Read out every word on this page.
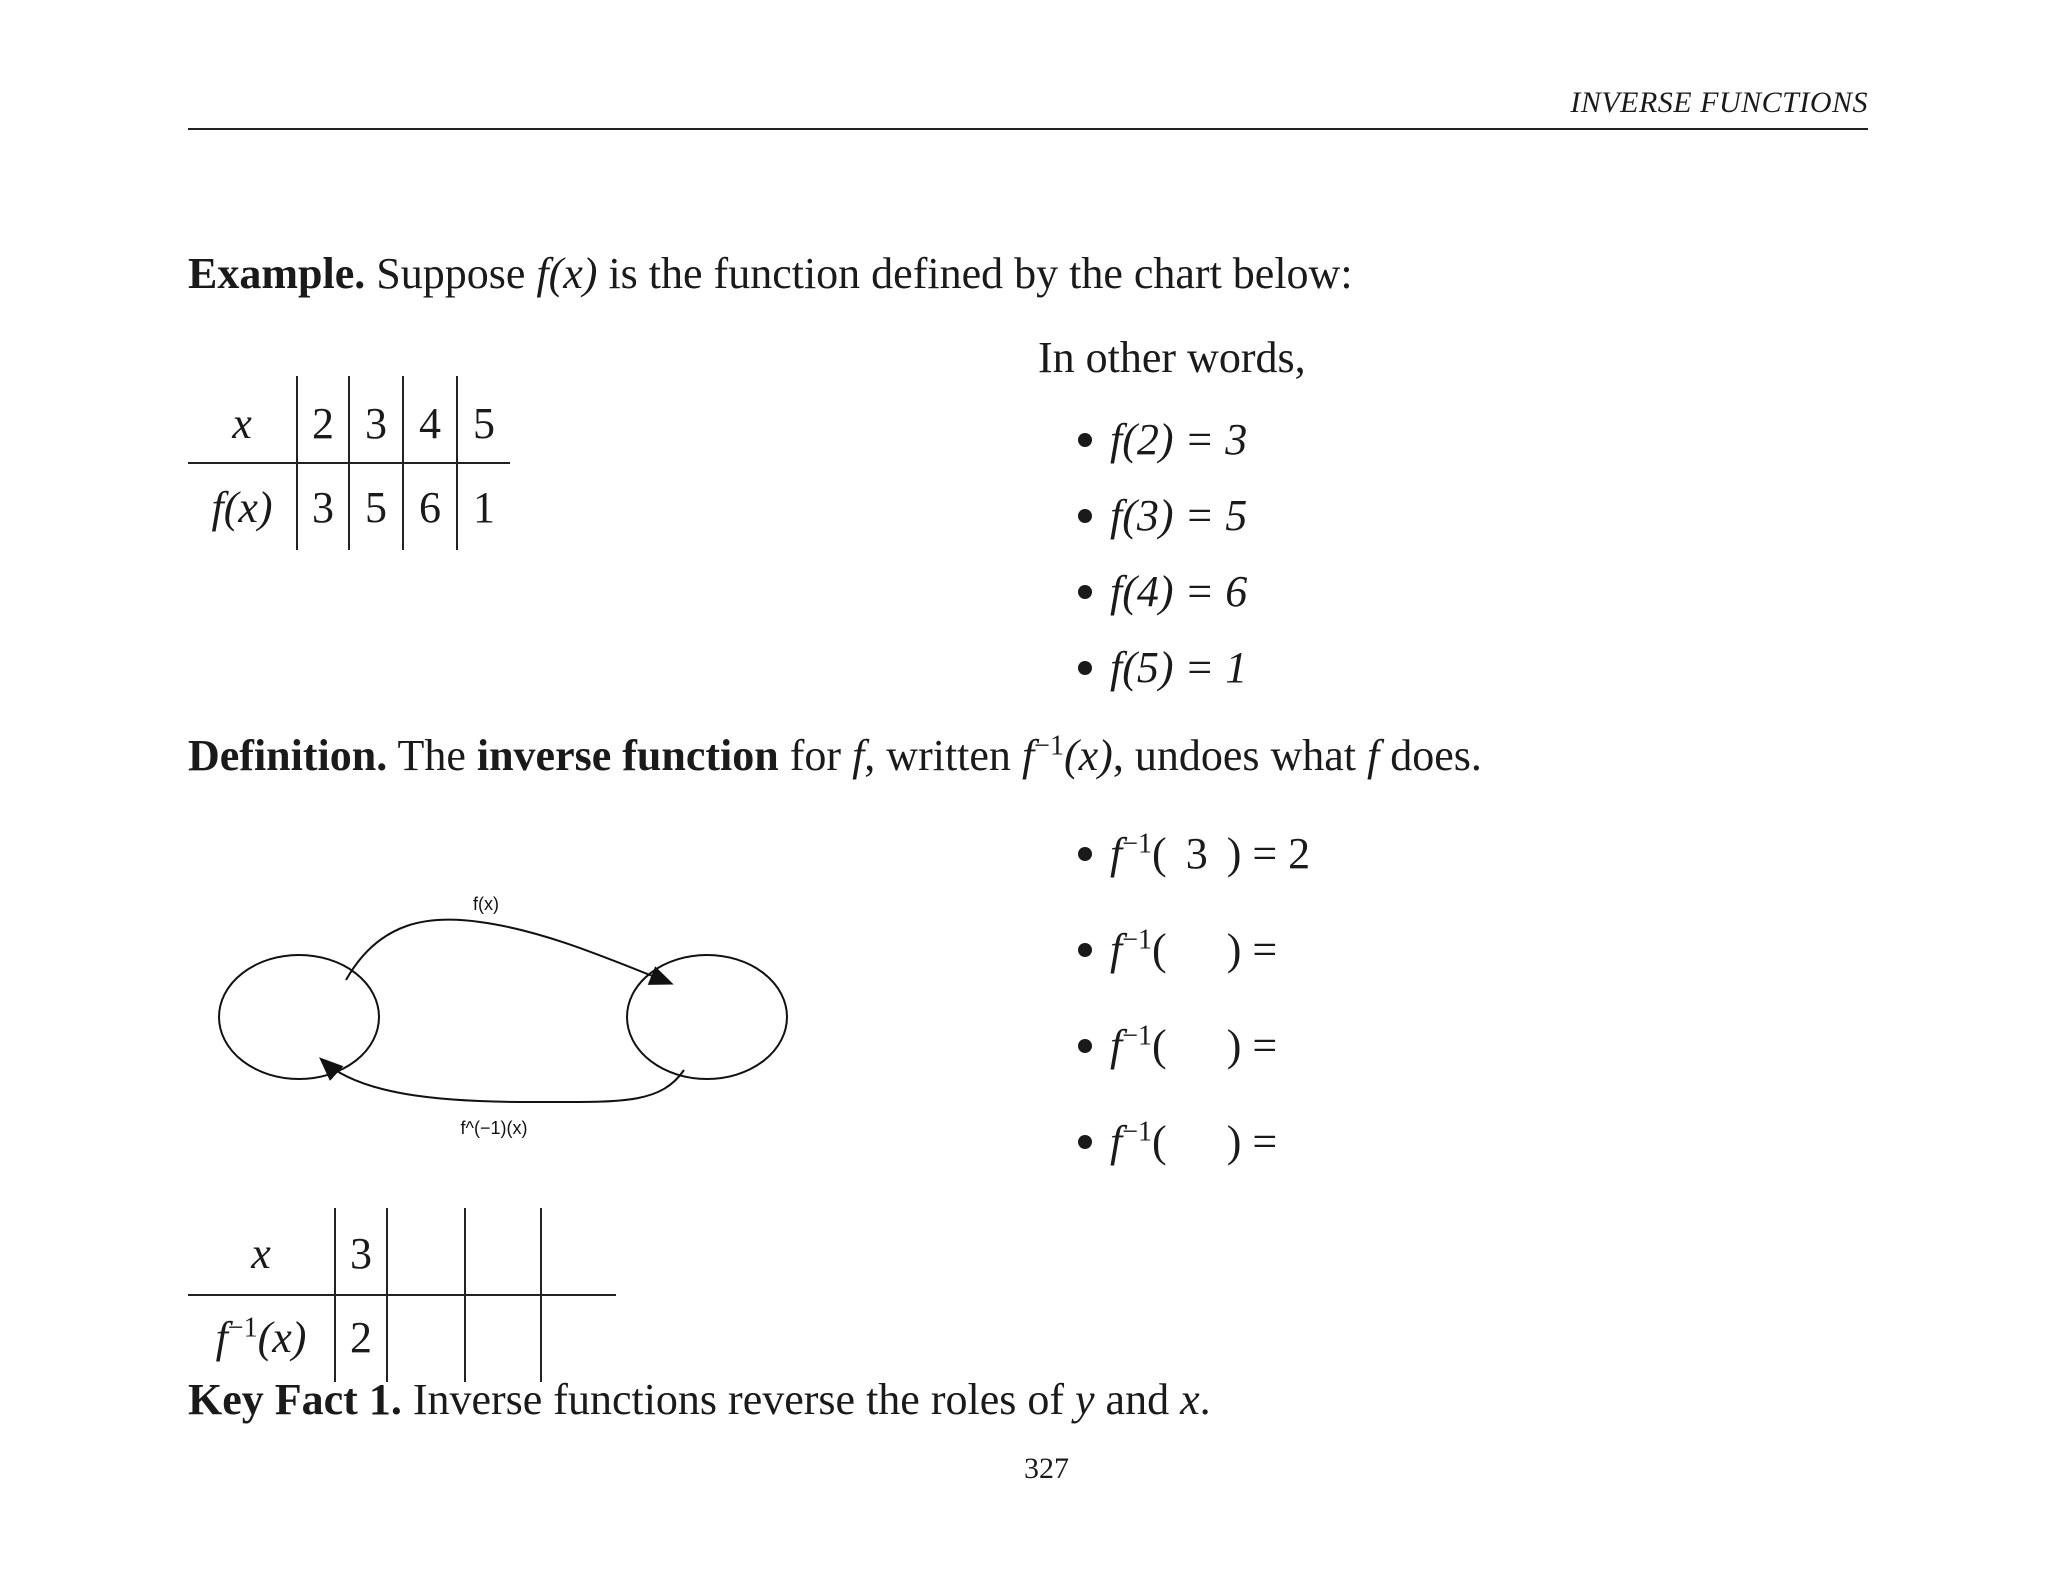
INVERSE FUNCTIONS
Example. Suppose f(x) is the function defined by the chart below:
x
f(x)
2 3 4 5
3 5 6 1
In other words,
f(2) = 3
f(3) = 5
f(4) = 6
f(5) = 1
Definition. The inverse function for f, written $f^{-1}(x)$, undoes what f does.
f(x)
f^(−1)(x)
$f^{-1}$( 3 ) = 2
$f^{-1}$( ) =
$f^{-1}$( ) =
$f^{-1}$( ) =
x
$f^{-1}(x)$
3
2
Key Fact 1. Inverse functions reverse the roles of y and x.
327
